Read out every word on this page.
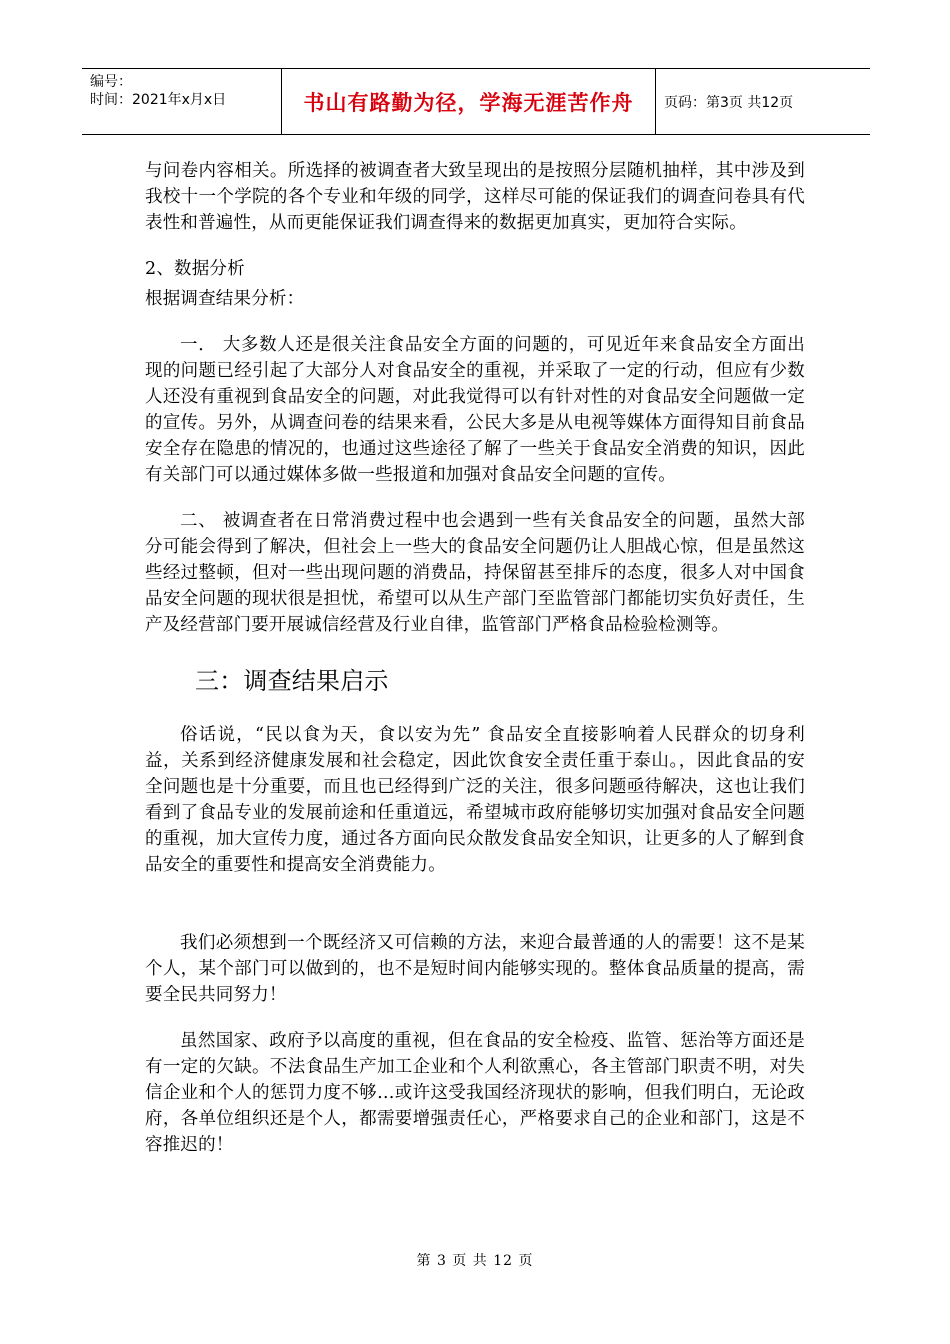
编号：
时间：2021年x月x日	书山有路勤为径，学海无涯苦作舟	页码：第3页 共12页

与问卷内容相关。所选择的被调查者大致呈现出的是按照分层随机抽样，其中涉及到我校十一个学院的各个专业和年级的同学，这样尽可能的保证我们的调查问卷具有代表性和普遍性，从而更能保证我们调查得来的数据更加真实，更加符合实际。

2、数据分析

根据调查结果分析：

一． 大多数人还是很关注食品安全方面的问题的，可见近年来食品安全方面出现的问题已经引起了大部分人对食品安全的重视，并采取了一定的行动，但应有少数人还没有重视到食品安全的问题，对此我觉得可以有针对性的对食品安全问题做一定的宣传。另外，从调查问卷的结果来看，公民大多是从电视等媒体方面得知目前食品安全存在隐患的情况的，也通过这些途径了解了一些关于食品安全消费的知识，因此有关部门可以通过媒体多做一些报道和加强对食品安全问题的宣传。

二、 被调查者在日常消费过程中也会遇到一些有关食品安全的问题，虽然大部分可能会得到了解决，但社会上一些大的食品安全问题仍让人胆战心惊，但是虽然这些经过整顿，但对一些出现问题的消费品，持保留甚至排斥的态度，很多人对中国食品安全问题的现状很是担忧，希望可以从生产部门至监管部门都能切实负好责任，生产及经营部门要开展诚信经营及行业自律，监管部门严格食品检验检测等。

三：调查结果启示

俗话说，“民以食为天，食以安为先” 食品安全直接影响着人民群众的切身利益，关系到经济健康发展和社会稳定，因此饮食安全责任重于泰山。，因此食品的安全问题也是十分重要，而且也已经得到广泛的关注，很多问题亟待解决，这也让我们看到了食品专业的发展前途和任重道远，希望城市政府能够切实加强对食品安全问题的重视，加大宣传力度，通过各方面向民众散发食品安全知识，让更多的人了解到食品安全的重要性和提高安全消费能力。

我们必须想到一个既经济又可信赖的方法，来迎合最普通的人的需要！这不是某个人，某个部门可以做到的，也不是短时间内能够实现的。整体食品质量的提高，需要全民共同努力！

虽然国家、政府予以高度的重视，但在食品的安全检疫、监管、惩治等方面还是有一定的欠缺。不法食品生产加工企业和个人利欲熏心，各主管部门职责不明，对失信企业和个人的惩罚力度不够…或许这受我国经济现状的影响，但我们明白，无论政府，各单位组织还是个人，都需要增强责任心，严格要求自己的企业和部门，这是不容推迟的！

第 3 页 共 12 页
